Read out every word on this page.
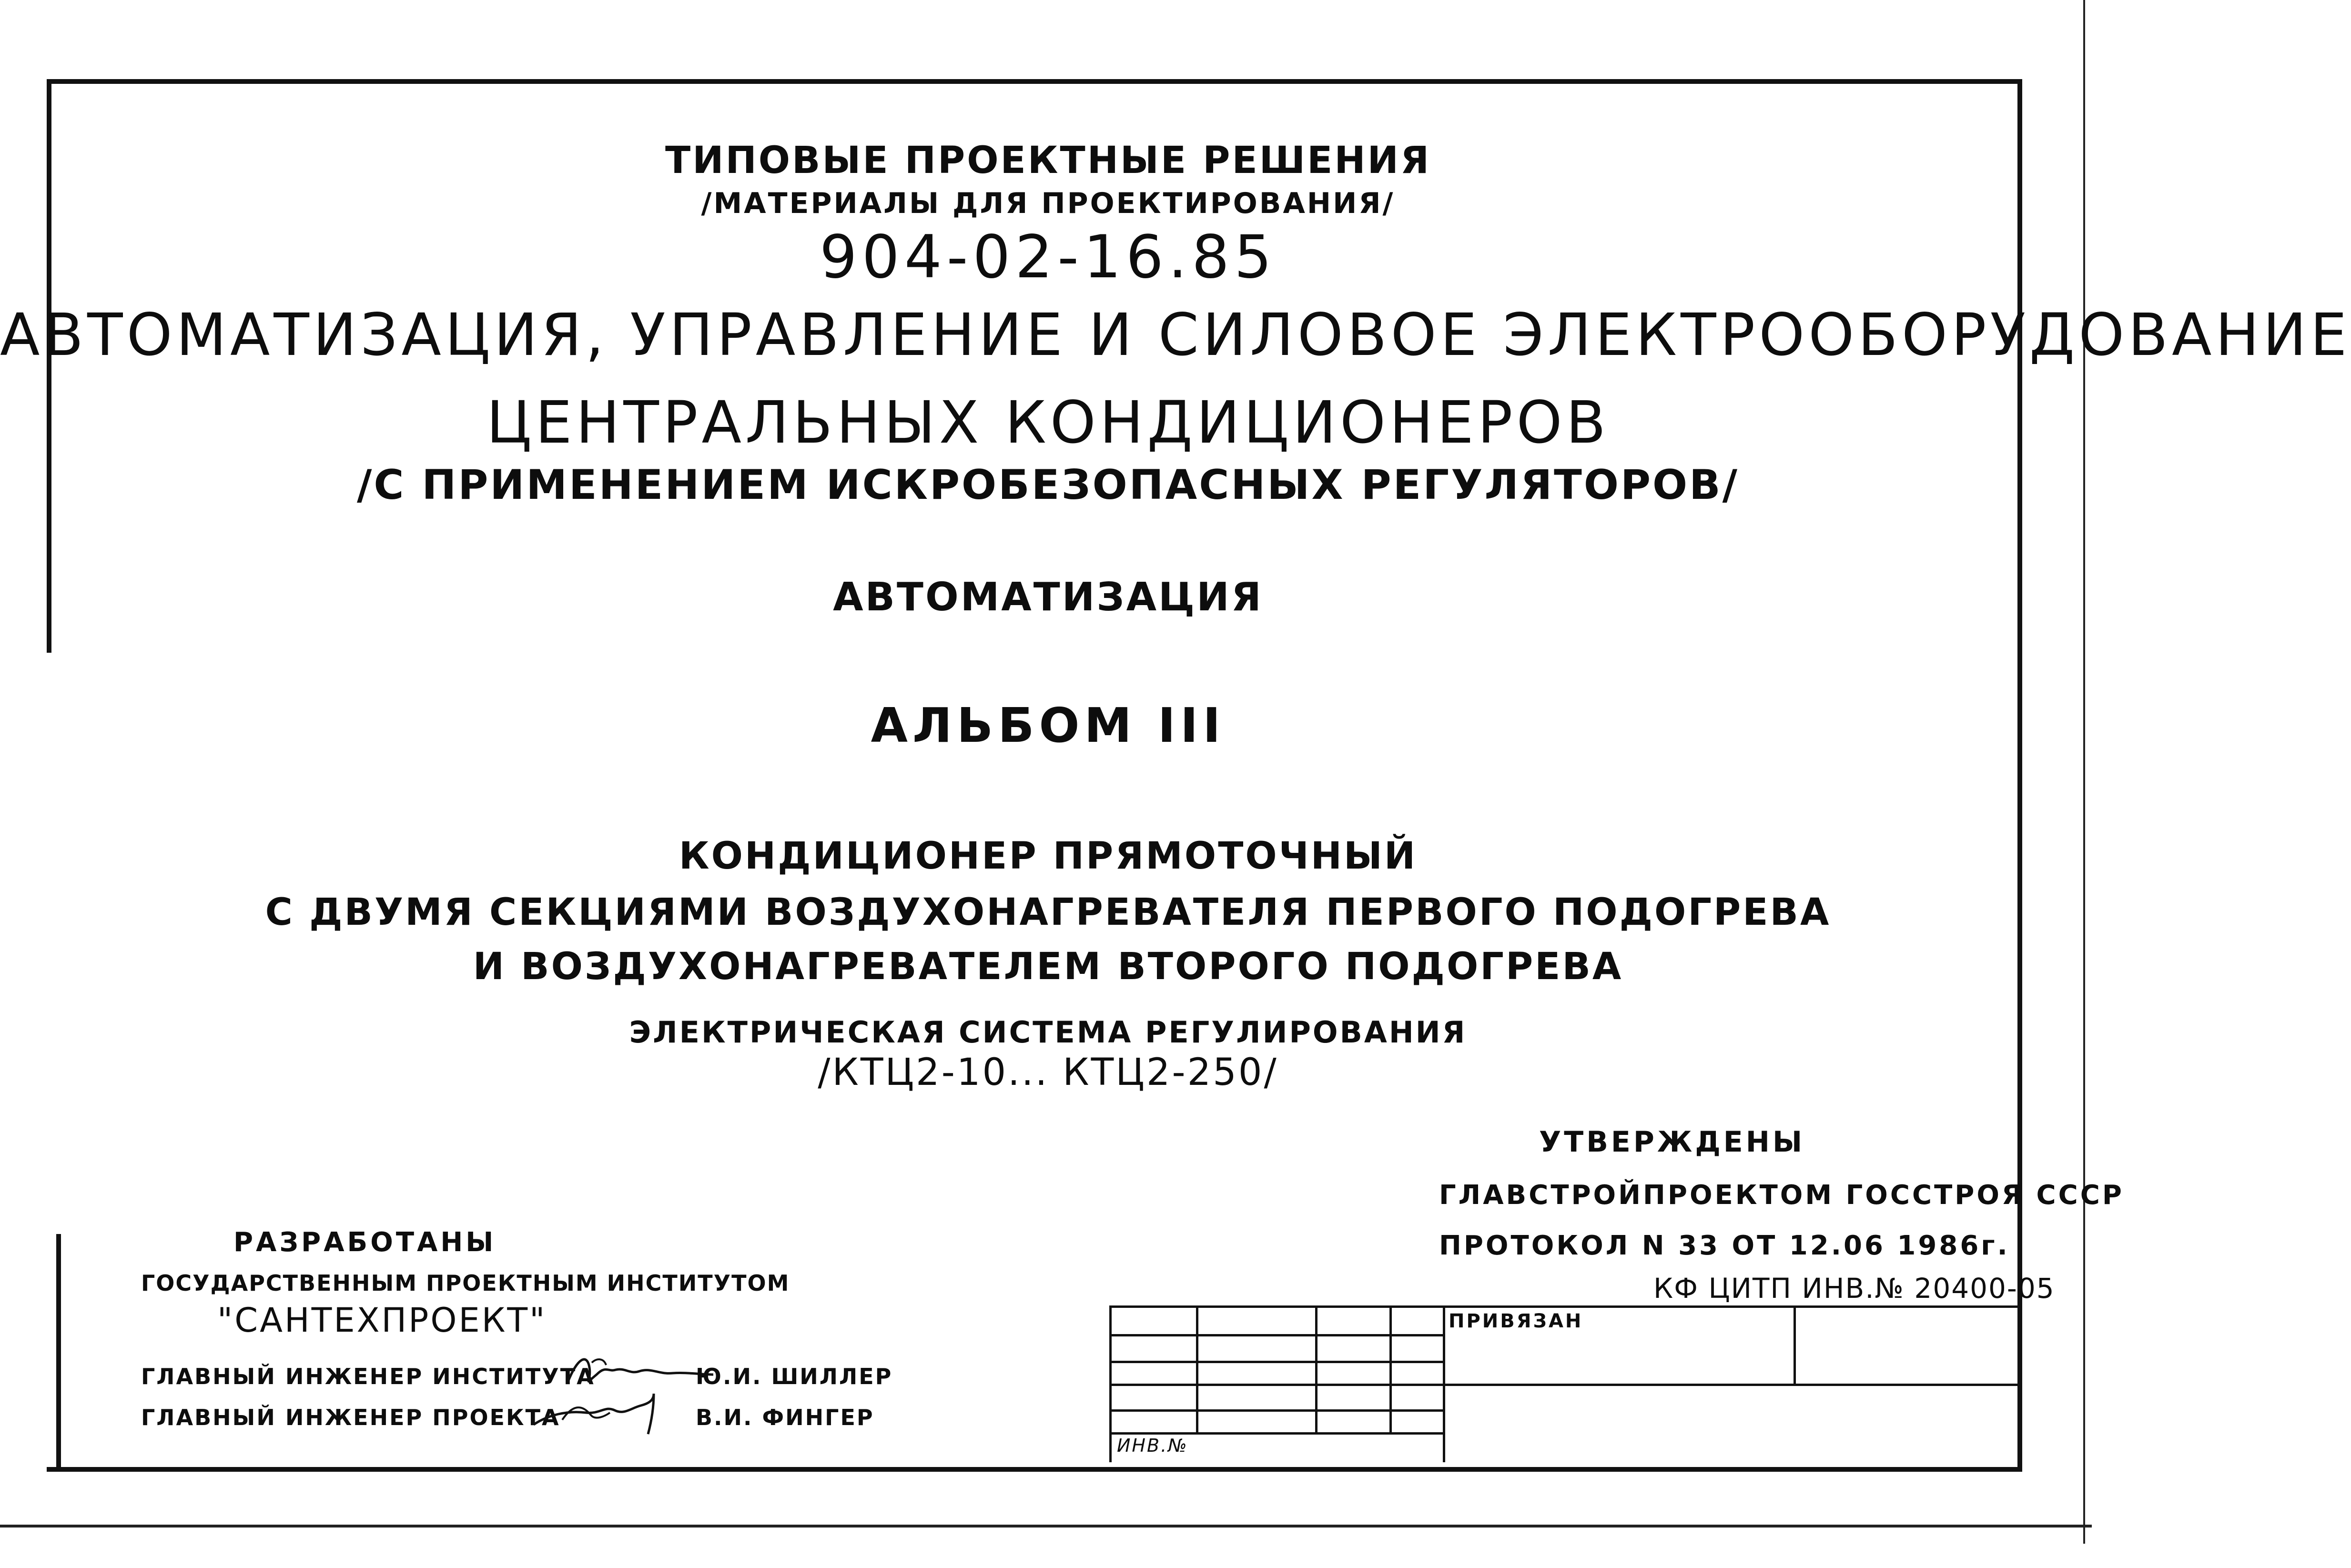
ТИПОВЫЕ ПРОЕКТНЫЕ РЕШЕНИЯ
/МАТЕРИАЛЫ ДЛЯ ПРОЕКТИРОВАНИЯ/
904-02-16.85
АВТОМАТИЗАЦИЯ, УПРАВЛЕНИЕ И СИЛОВОЕ ЭЛЕКТРООБОРУДОВАНИЕ
ЦЕНТРАЛЬНЫХ КОНДИЦИОНЕРОВ
/С ПРИМЕНЕНИЕМ ИСКРОБЕЗОПАСНЫХ РЕГУЛЯТОРОВ/
АВТОМАТИЗАЦИЯ
АЛЬБОМ III
КОНДИЦИОНЕР ПРЯМОТОЧНЫЙ
С ДВУМЯ СЕКЦИЯМИ ВОЗДУХОНАГРЕВАТЕЛЯ ПЕРВОГО ПОДОГРЕВА
И ВОЗДУХОНАГРЕВАТЕЛЕМ ВТОРОГО ПОДОГРЕВА
ЭЛЕКТРИЧЕСКАЯ СИСТЕМА РЕГУЛИРОВАНИЯ
/КТЦ2-10... КТЦ2-250/
УТВЕРЖДЕНЫ
ГЛАВСТРОЙПРОЕКТОМ ГОССТРОЯ СССР
ПРОТОКОЛ N 33 ОТ 12.06 1986г.
КФ ЦИТП ИНВ.№ 20400-05
РАЗРАБОТАНЫ
ГОСУДАРСТВЕННЫМ ПРОЕКТНЫМ ИНСТИТУТОМ
"САНТЕХПРОЕКТ"
ГЛАВНЫЙ ИНЖЕНЕР ИНСТИТУТА	Ю.И. ШИЛЛЕР
ГЛАВНЫЙ ИНЖЕНЕР ПРОЕКТА	В.И. ФИНГЕР
ПРИВЯЗАН
ИНВ.№
